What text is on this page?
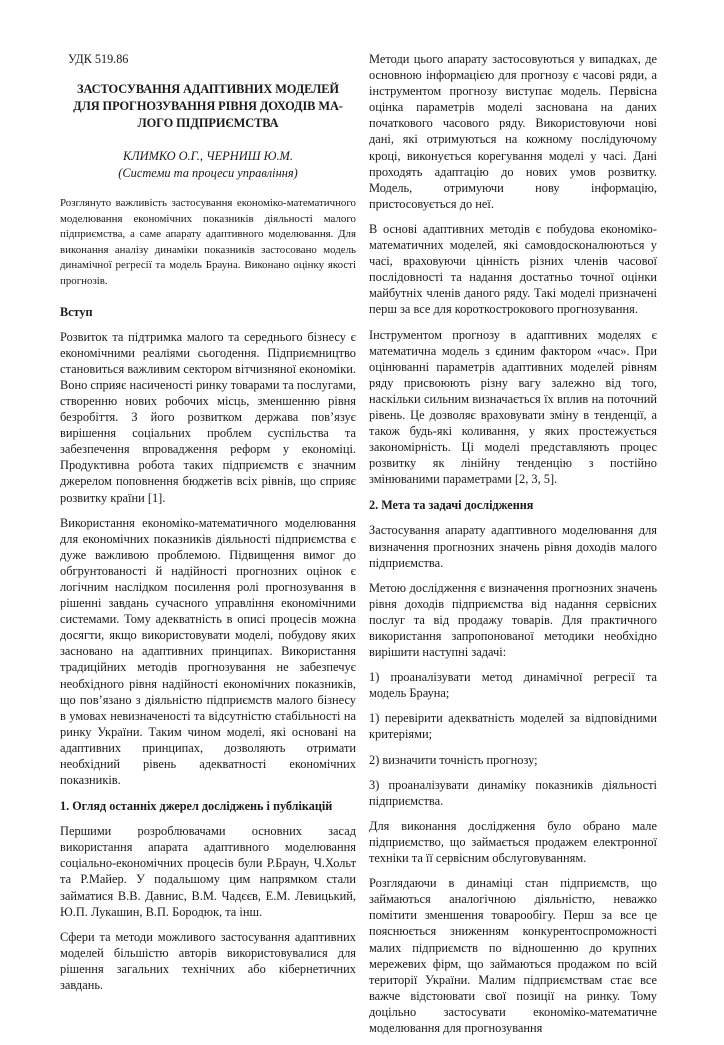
УДК 519.86
ЗАСТОСУВАННЯ АДАПТИВНИХ МОДЕЛЕЙ
ДЛЯ ПРОГНОЗУВАННЯ РІВНЯ ДОХОДІВ МА-
ЛОГО ПІДПРИЄМСТВА
КЛИМКО О.Г., ЧЕРНИШ Ю.М.
(Системи та процеси управління)

Розглянуто важливість застосування економіко-математичного моделювання економічних показників діяльності малого підприємства, а саме апарату адаптивного моделювання. Для виконання аналізу динаміки показників застосовано модель динамічної регресії та модель Брауна. Виконано оцінку якості прогнозів.

Вступ

Розвиток та підтримка малого та середнього бізнесу є економічними реаліями сьогодення. Підприємництво становиться важливим сектором вітчизняної економіки. Воно сприяє насиченості ринку товарами та послугами, створенню нових робочих місць, зменшенню рівня безробіття. З його розвитком держава пов’язує вирішення соціальних проблем суспільства та забезпечення впровадження реформ у економіці. Продуктивна робота таких підприємств є значним джерелом поповнення бюджетів всіх рівнів, що сприяє розвитку країни [1].

Використання економіко-математичного моделювання для економічних показників діяльності підприємства є дуже важливою проблемою. Підвищення вимог до обгрунтованості й надійності прогнозних оцінок є логічним наслідком посилення ролі прогнозування в рішенні завдань сучасного управління економічними системами. Тому адекватність в описі процесів можна досягти, якщо використовувати моделі, побудову яких засновано на адаптивних принципах. Використання традиційних методів прогнозування не забезпечує необхідного рівня надійності економічних показників, що пов’язано з діяльністю підприємств малого бізнесу в умовах невизначеності та відсутністю стабільності на ринку України. Таким чином моделі, які основані на адаптивних принципах, дозволяють отримати необхідний рівень адекватності економічних показників.

1. Огляд останніх джерел досліджень і публікацій

Першими розроблювачами основних засад використання апарата адаптивного моделювання соціально-економічних процесів були Р.Браун, Ч.Хольт та Р.Майер. У подальшому цим напрямком стали займатися В.В. Давнис, В.М. Чадєєв, Е.М. Левицький, Ю.П. Лукашин, В.П. Бородюк, та інш.

Сфери та методи можливого застосування адаптивних моделей більшістю авторів використовувалися для рішення загальних технічних або кібернетичних завдань.

Методи цього апарату застосовуються у випадках, де основною інформацією для прогнозу є часові ряди, а інструментом прогнозу виступає модель. Первісна оцінка параметрів моделі заснована на даних початкового часового ряду. Використовуючи нові дані, які отримуються на кожному послідуючому кроці, виконується корегування моделі у часі. Дані проходять адаптацію до нових умов розвитку. Модель, отримуючи нову інформацію, пристосовується до неї.

В основі адаптивних методів є побудова економіко-математичних моделей, які самовдосконалюються у часі, враховуючи цінність різних членів часової послідовності та надання достатньо точної оцінки майбутніх членів даного ряду. Такі моделі призначені перш за все для короткострокового прогнозування.

Інструментом прогнозу в адаптивних моделях є математична модель з єдиним фактором «час». При оцінюванні параметрів адаптивних моделей рівням ряду присвоюють різну вагу залежно від того, наскільки сильним визначається їх вплив на поточний рівень. Це дозволяє враховувати зміну в тенденції, а також будь-які коливання, у яких простежується закономірність. Ці моделі представляють процес розвитку як лінійну тенденцію з постійно змінюваними параметрами [2, 3, 5].

2. Мета та задачі дослідження

Застосування апарату адаптивного моделювання для визначення прогнозних значень рівня доходів малого підприємства.

Метою дослідження є визначення прогнозних значень рівня доходів підприємства від надання сервісних послуг та від продажу товарів. Для практичного використання запропонованої методики необхідно вирішити наступні задачі:

1) проаналізувати метод динамічної регресії та модель Брауна;

1) перевірити адекватність моделей за відповідними критеріями;

2) визначити точність прогнозу;

3) проаналізувати динаміку показників діяльності підприємства.

Для виконання дослідження було обрано мале підприємство, що займається продажем електронної техніки та її сервісним обслуговуванням.

Розглядаючи в динаміці стан підприємств, що займаються аналогічною діяльністю, неважко помітити зменшення товарообігу. Перш за все це пояснюється зниженням конкурентоспроможності малих підприємств по відношенню до крупних мережевих фірм, що займаються продажом по всій території України. Малим підприємствам стає все важче відстоювати свої позиції на ринку. Тому доцільно застосувати економіко-математичне моделювання для прогнозування
